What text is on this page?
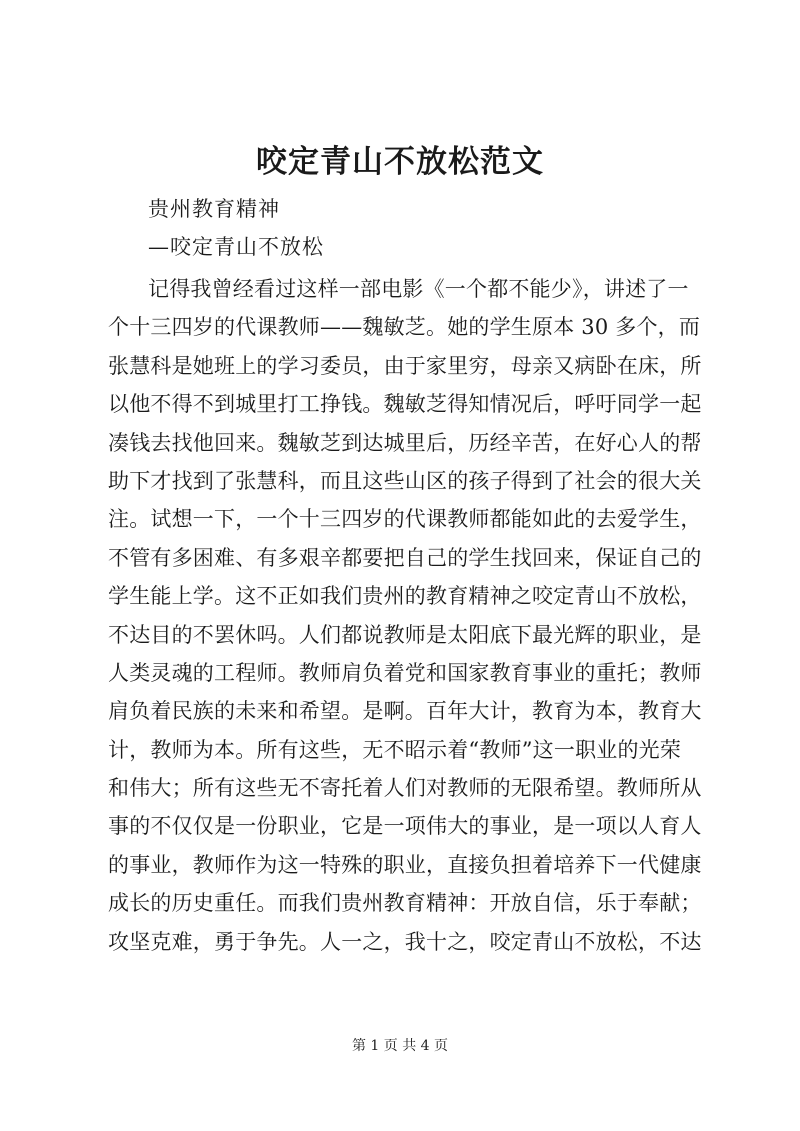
咬定青山不放松范文
贵州教育精神
—咬定青山不放松
记得我曾经看过这样一部电影《一个都不能少》，讲述了一
个十三四岁的代课教师——魏敏芝。她的学生原本 30 多个，而
张慧科是她班上的学习委员，由于家里穷，母亲又病卧在床，所
以他不得不到城里打工挣钱。魏敏芝得知情况后，呼吁同学一起
凑钱去找他回来。魏敏芝到达城里后，历经辛苦，在好心人的帮
助下才找到了张慧科，而且这些山区的孩子得到了社会的很大关
注。试想一下，一个十三四岁的代课教师都能如此的去爱学生，
不管有多困难、有多艰辛都要把自己的学生找回来，保证自己的
学生能上学。这不正如我们贵州的教育精神之咬定青山不放松，
不达目的不罢休吗。人们都说教师是太阳底下最光辉的职业，是
人类灵魂的工程师。教师肩负着党和国家教育事业的重托；教师
肩负着民族的未来和希望。是啊。百年大计，教育为本，教育大
计，教师为本。所有这些，无不昭示着“教师”这一职业的光荣
和伟大；所有这些无不寄托着人们对教师的无限希望。教师所从
事的不仅仅是一份职业，它是一项伟大的事业，是一项以人育人
的事业，教师作为这一特殊的职业，直接负担着培养下一代健康
成长的历史重任。而我们贵州教育精神：开放自信，乐于奉献；
攻坚克难，勇于争先。人一之，我十之，咬定青山不放松，不达
第 1 页 共 4 页
